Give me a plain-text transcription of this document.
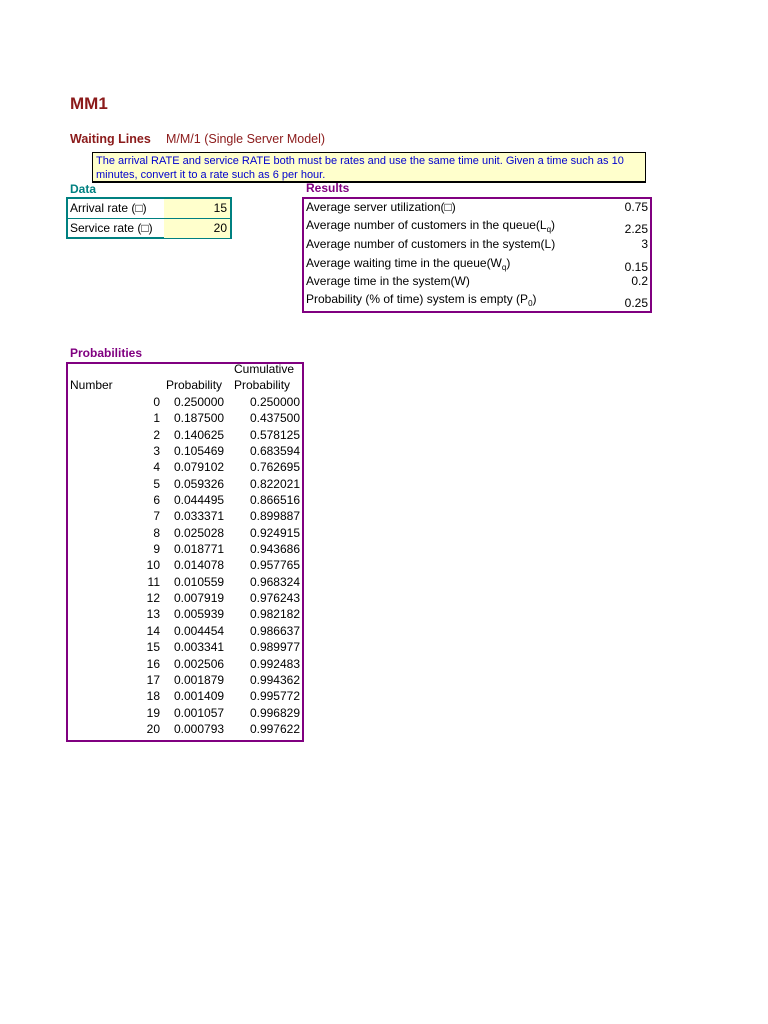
MM1
Waiting Lines M/M/1 (Single Server Model)
The arrival RATE and service RATE both must be rates and use the same time unit. Given a time such as 10 minutes, convert it to a rate such as 6 per hour.
Data	Results
Arrival rate (□)	15
Service rate (□)	20
Average server utilization(□)	0.75
Average number of customers in the $queue(L_q)$	2.25
Average number of customers in the system(L)	3
Average waiting time in the $queue(W_q)$	0.15
Average time in the system(W)	0.2
Probability (% of time) system is empty $(P_0)$	0.25
Probabilities
Number	Probability
Cumulative
Probability
0 0.250000 0.250000
1 0.187500 0.437500
2 0.140625 0.578125
3 0.105469 0.683594
4 0.079102 0.762695
5 0.059326 0.822021
6 0.044495 0.866516
7 0.033371 0.899887
8 0.025028 0.924915
9 0.018771 0.943686
10 0.014078 0.957765
11 0.010559 0.968324
12 0.007919 0.976243
13 0.005939 0.982182
14 0.004454 0.986637
15 0.003341 0.989977
16 0.002506 0.992483
17 0.001879 0.994362
18 0.001409 0.995772
19 0.001057 0.996829
20 0.000793 0.997622
